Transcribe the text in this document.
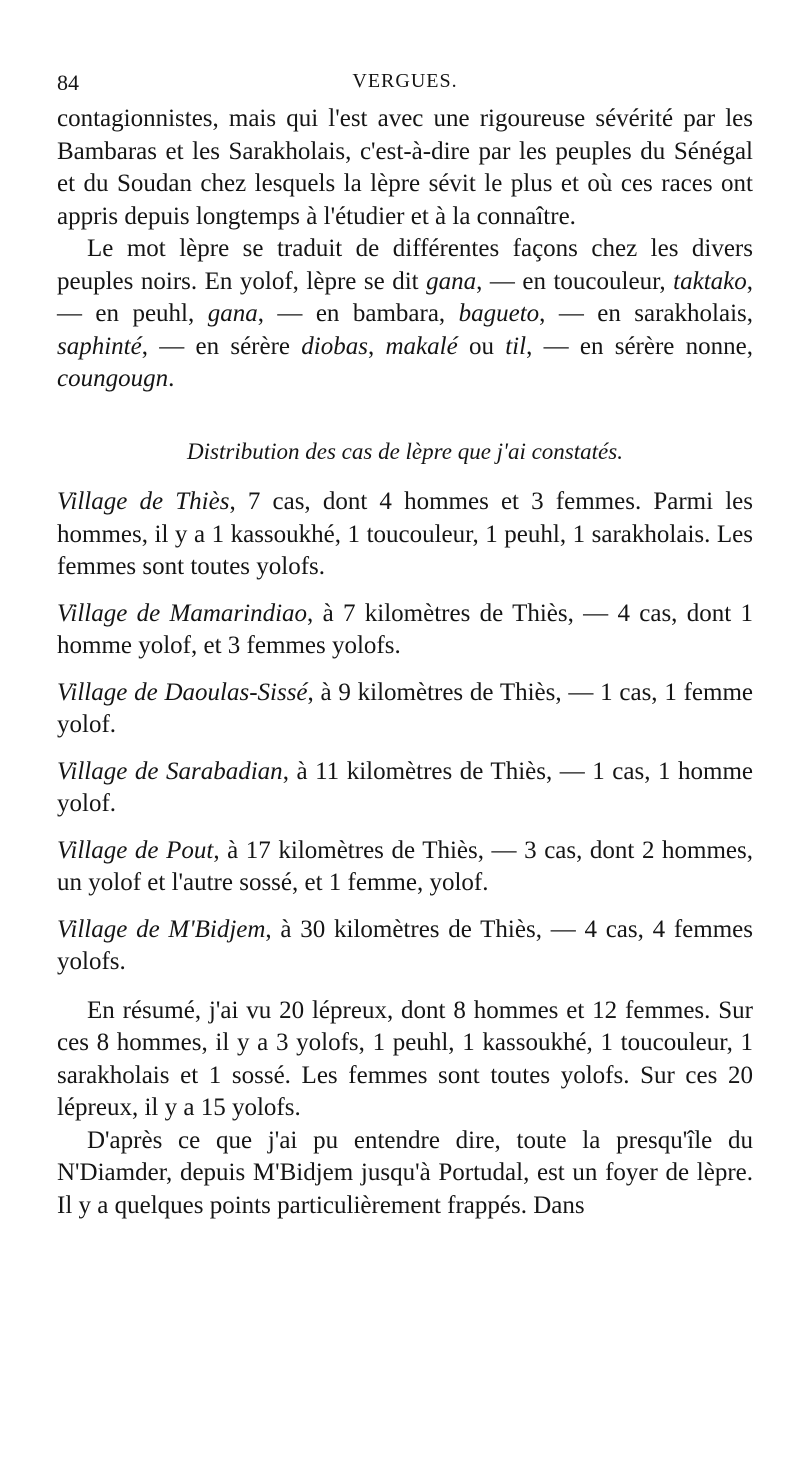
84	VERGUES.

contagionnistes, mais qui l'est avec une rigoureuse sévérité par les Bambaras et les Sarakholais, c'est-à-dire par les peuples du Sénégal et du Soudan chez lesquels la lèpre sévit le plus et où ces races ont appris depuis longtemps à l'étudier et à la connaître.

Le mot lèpre se traduit de différentes façons chez les divers peuples noirs. En yolof, lèpre se dit gana, — en toucouleur, taktako, — en peuhl, gana, — en bambara, bagueto, — en sarakholais, saphinté, — en sérère diobas, makalé ou til, — en sérère nonne, coungougn.

Distribution des cas de lèpre que j'ai constatés.

Village de Thiès, 7 cas, dont 4 hommes et 3 femmes. Parmi les hommes, il y a 1 kassoukhé, 1 toucouleur, 1 peuhl, 1 sarakholais. Les femmes sont toutes yolofs.

Village de Mamarindiao, à 7 kilomètres de Thiès, — 4 cas, dont 1 homme yolof, et 3 femmes yolofs.

Village de Daoulas-Sissé, à 9 kilomètres de Thiès, — 1 cas, 1 femme yolof.

Village de Sarabadian, à 11 kilomètres de Thiès, — 1 cas, 1 homme yolof.

Village de Pout, à 17 kilomètres de Thiès, — 3 cas, dont 2 hommes, un yolof et l'autre sossé, et 1 femme, yolof.

Village de M'Bidjem, à 30 kilomètres de Thiès, — 4 cas, 4 femmes yolofs.

En résumé, j'ai vu 20 lépreux, dont 8 hommes et 12 femmes. Sur ces 8 hommes, il y a 3 yolofs, 1 peuhl, 1 kassoukhé, 1 toucouleur, 1 sarakholais et 1 sossé. Les femmes sont toutes yolofs. Sur ces 20 lépreux, il y a 15 yolofs.

D'après ce que j'ai pu entendre dire, toute la presqu'île du N'Diamder, depuis M'Bidjem jusqu'à Portudal, est un foyer de lèpre. Il y a quelques points particulièrement frappés. Dans
